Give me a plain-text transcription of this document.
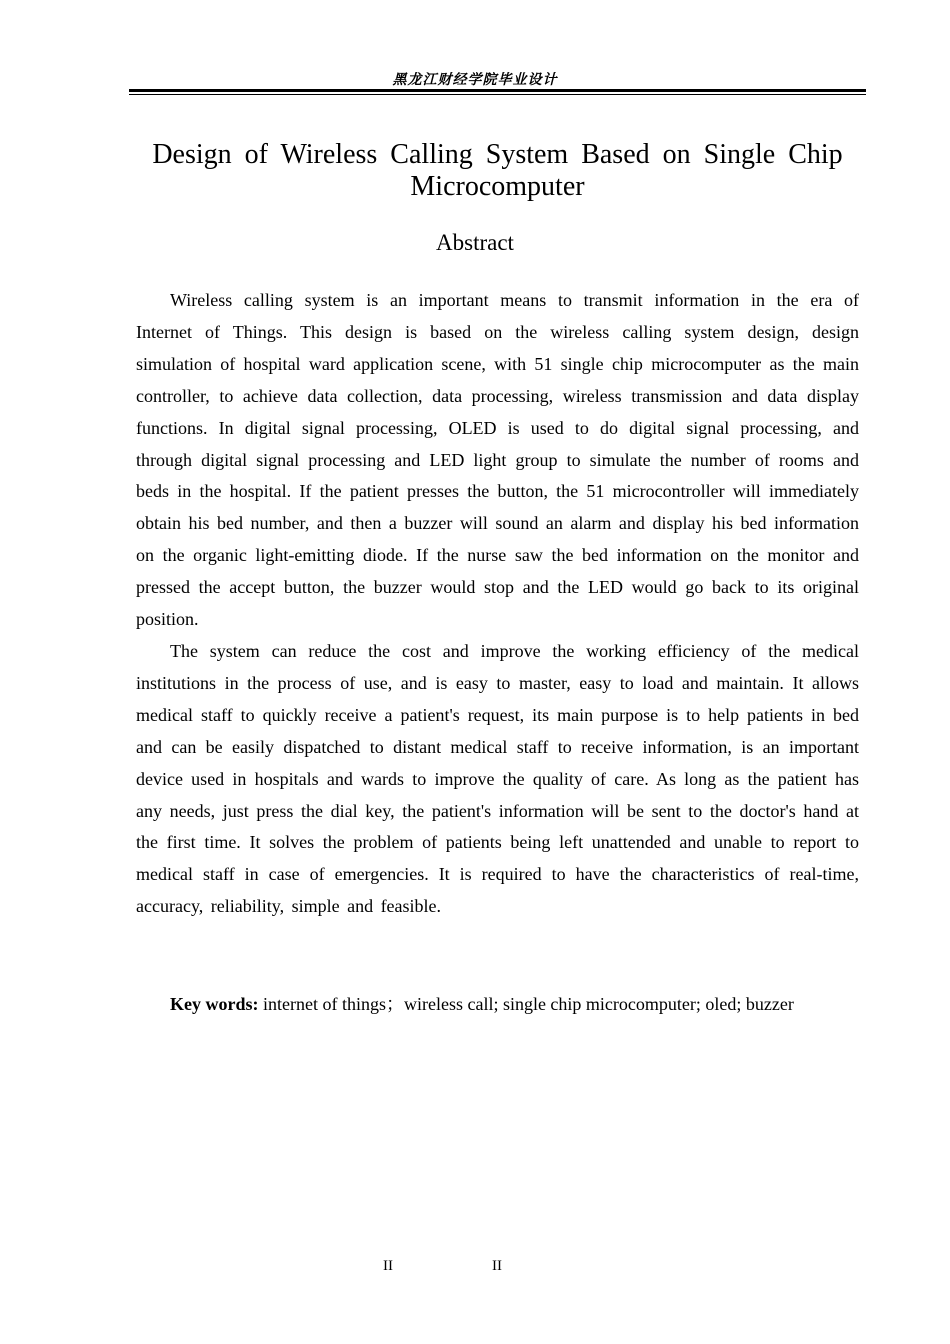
黑龙江财经学院毕业设计
Design of Wireless Calling System Based on Single Chip Microcomputer
Abstract

Wireless calling system is an important means to transmit information in the era of Internet of Things. This design is based on the wireless calling system design, design simulation of hospital ward application scene, with 51 single chip microcomputer as the main controller, to achieve data collection, data processing, wireless transmission and data display functions. In digital signal processing, OLED is used to do digital signal processing, and through digital signal processing and LED light group to simulate the number of rooms and beds in the hospital. If the patient presses the button, the 51 microcontroller will immediately obtain his bed number, and then a buzzer will sound an alarm and display his bed information on the organic light-emitting diode. If the nurse saw the bed information on the monitor and pressed the accept button, the buzzer would stop and the LED would go back to its original position.

The system can reduce the cost and improve the working efficiency of the medical institutions in the process of use, and is easy to master, easy to load and maintain. It allows medical staff to quickly receive a patient's request, its main purpose is to help patients in bed and can be easily dispatched to distant medical staff to receive information, is an important device used in hospitals and wards to improve the quality of care. As long as the patient has any needs, just press the dial key, the patient's information will be sent to the doctor's hand at the first time. It solves the problem of patients being left unattended and unable to report to medical staff in case of emergencies. It is required to have the characteristics of real-time, accuracy, reliability, simple and feasible.

Key words: internet of things；wireless call; single chip microcomputer; oled; buzzer
II	II
